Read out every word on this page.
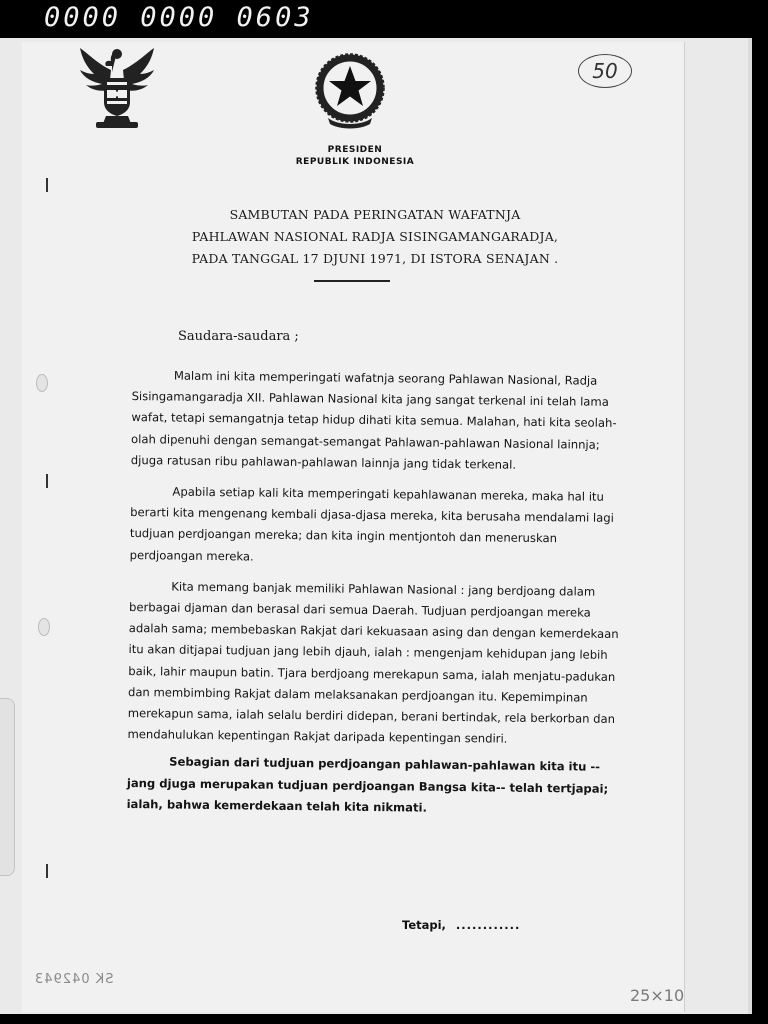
0000 0000 0603
50
PRESIDEN
REPUBLIK INDONESIA
SAMBUTAN PADA PERINGATAN WAFATNJA
PAHLAWAN NASIONAL RADJA SISINGAMANGARADJA,
PADA TANGGAL 17 DJUNI 1971, DI ISTORA SENAJAN .
Saudara-saudara ;

Malam ini kita memperingati wafatnja seorang Pahlawan Nasional, Radja Sisingamangaradja XII. Pahlawan Nasional kita jang sangat terkenal ini telah lama wafat, tetapi semangatnja tetap hidup dihati kita semua. Malahan, hati kita seolah-olah dipenuhi dengan semangat-semangat Pahlawan-pahlawan Nasional lainnja; djuga ratusan ribu pahlawan-pahlawan lainnja jang tidak terkenal.

Apabila setiap kali kita memperingati kepahlawanan mereka, maka hal itu berarti kita mengenang kembali djasa-djasa mereka, kita berusaha mendalami lagi tudjuan perdjoangan mereka; dan kita ingin mentjontoh dan meneruskan perdjoangan mereka.

Kita memang banjak memiliki Pahlawan Nasional : jang berdjoang dalam berbagai djaman dan berasal dari semua Daerah. Tudjuan perdjoangan mereka adalah sama; membebaskan Rakjat dari kekuasaan asing dan dengan kemerdekaan itu akan ditjapai tudjuan jang lebih djauh, ialah : mengenjam kehidupan jang lebih baik, lahir maupun batin. Tjara berdjoang merekapun sama, ialah menjatu-padukan dan membimbing Rakjat dalam melaksanakan perdjoangan itu. Kepemimpinan merekapun sama, ialah selalu berdiri didepan, berani bertindak, rela berkorban dan mendahulukan kepentingan Rakjat daripada kepentingan sendiri.

Sebagian dari tudjuan perdjoangan pahlawan-pahlawan kita itu --jang djuga merupakan tudjuan perdjoangan Bangsa kita-- telah tertjapai; ialah, bahwa kemerdekaan telah kita nikmati.

Tetapi, ............
SK 042943
25×10
